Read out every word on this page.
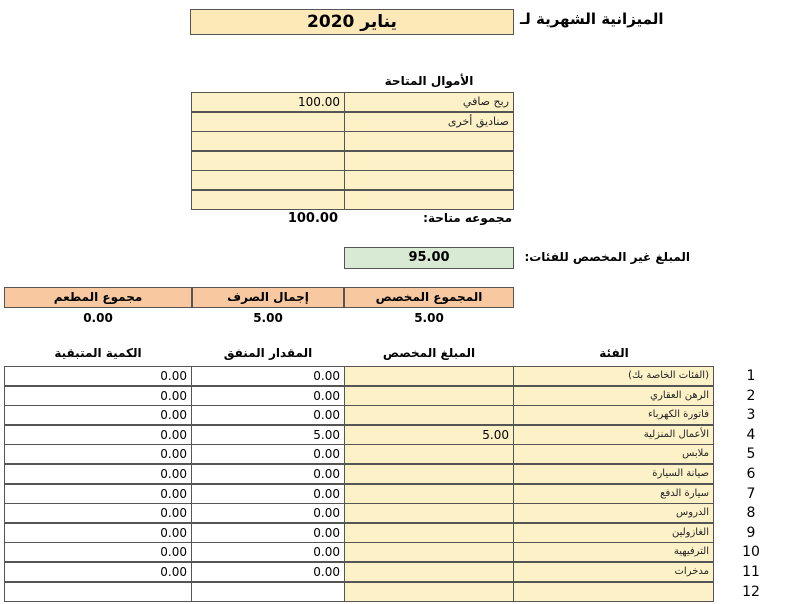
الميزانية الشهرية لـ
يناير 2020
الأموال المتاحة
ربح صافي
100.00
صناديق أخرى
مجموعه متاحة:
100.00
95.00	المبلغ غير المخصص للفئات:
المجموع المخصص
إجمال الصرف
مجموع المطعم
5.00
5.00
0.00
الفئة
المبلغ المخصص
المقدار المنفق
الكمية المتبقية
1
(الفئات الخاصة بك)
0.00
0.00
2
الرهن العقاري
0.00
0.00
3
فاتورة الكهرباء
0.00
0.00
4
الأعمال المنزلية
5.00
5.00
0.00
5
ملابس
0.00
0.00
6
صيانة السيارة
0.00
0.00
7
سيارة الدفع
0.00
0.00
8
الدروس
0.00
0.00
9
الغازولين
0.00
0.00
10
الترفيهية
0.00
0.00
11
مدخرات
0.00
0.00
12
